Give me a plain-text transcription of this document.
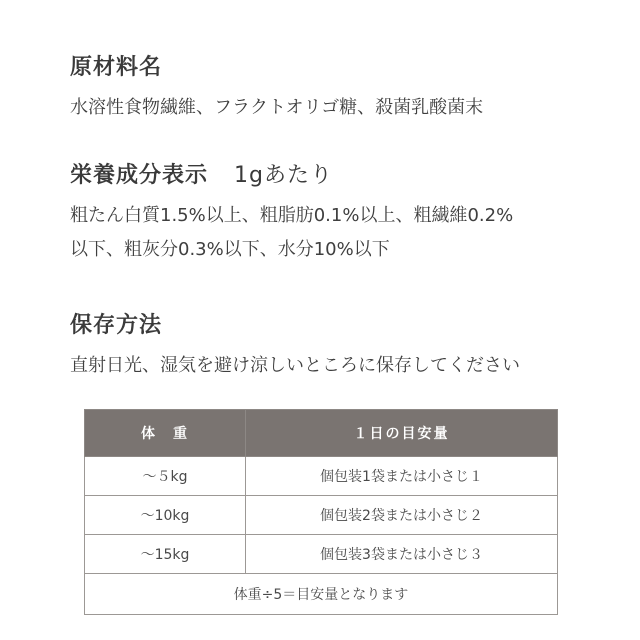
原材料名
水溶性食物繊維、フラクトオリゴ糖、殺菌乳酸菌末
栄養成分表示 1gあたり
粗たん白質1.5%以上、粗脂肪0.1%以上、粗繊維0.2%
以下、粗灰分0.3%以下、水分10%以下
保存方法
直射日光、湿気を避け涼しいところに保存してください
体　重	１日の目安量
～５kg	個包装1袋または小さじ１
～10kg	個包装2袋または小さじ２
～15kg	個包装3袋または小さじ３
体重÷5＝目安量となります	
